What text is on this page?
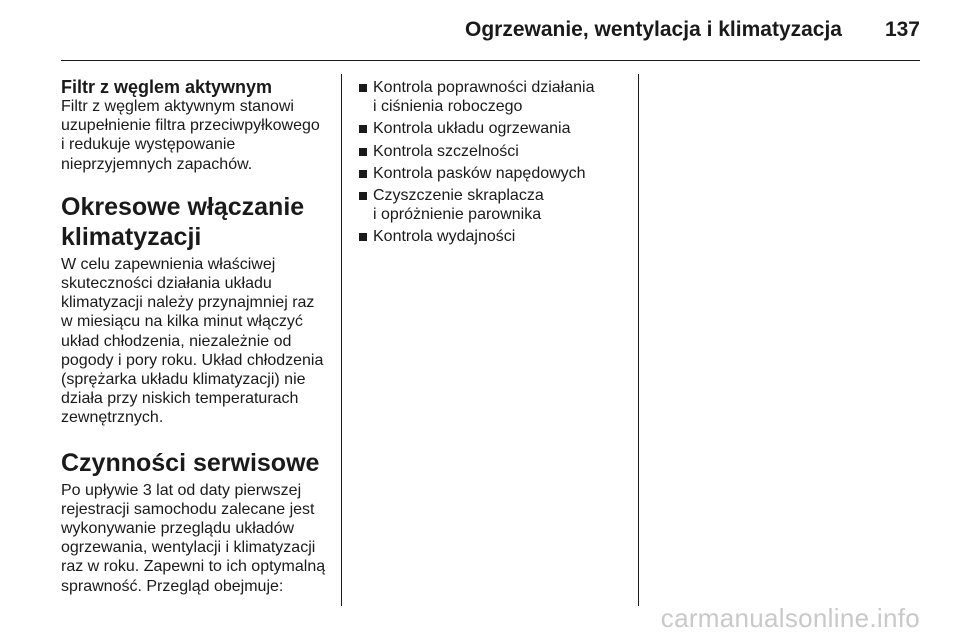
Ogrzewanie, wentylacja i klimatyzacja 137
Filtr z węglem aktywnym

Filtr z węglem aktywnym stanowi
uzupełnienie filtra przeciwpyłkowego
i redukuje występowanie
nieprzyjemnych zapachów.

Okresowe włączanie
klimatyzacji

W celu zapewnienia właściwej
skuteczności działania układu
klimatyzacji należy przynajmniej raz
w miesiącu na kilka minut włączyć
układ chłodzenia, niezależnie od
pogody i pory roku. Układ chłodzenia
(sprężarka układu klimatyzacji) nie
działa przy niskich temperaturach
zewnętrznych.

Czynności serwisowe

Po upływie 3 lat od daty pierwszej
rejestracji samochodu zalecane jest
wykonywanie przeglądu układów
ogrzewania, wentylacji i klimatyzacji
raz w roku. Zapewni to ich optymalną
sprawność. Przegląd obejmuje:

Kontrola poprawności działania
i ciśnienia roboczego
Kontrola układu ogrzewania
Kontrola szczelności
Kontrola pasków napędowych
Czyszczenie skraplacza
i opróżnienie parownika
Kontrola wydajności
carmanualsonline.info
